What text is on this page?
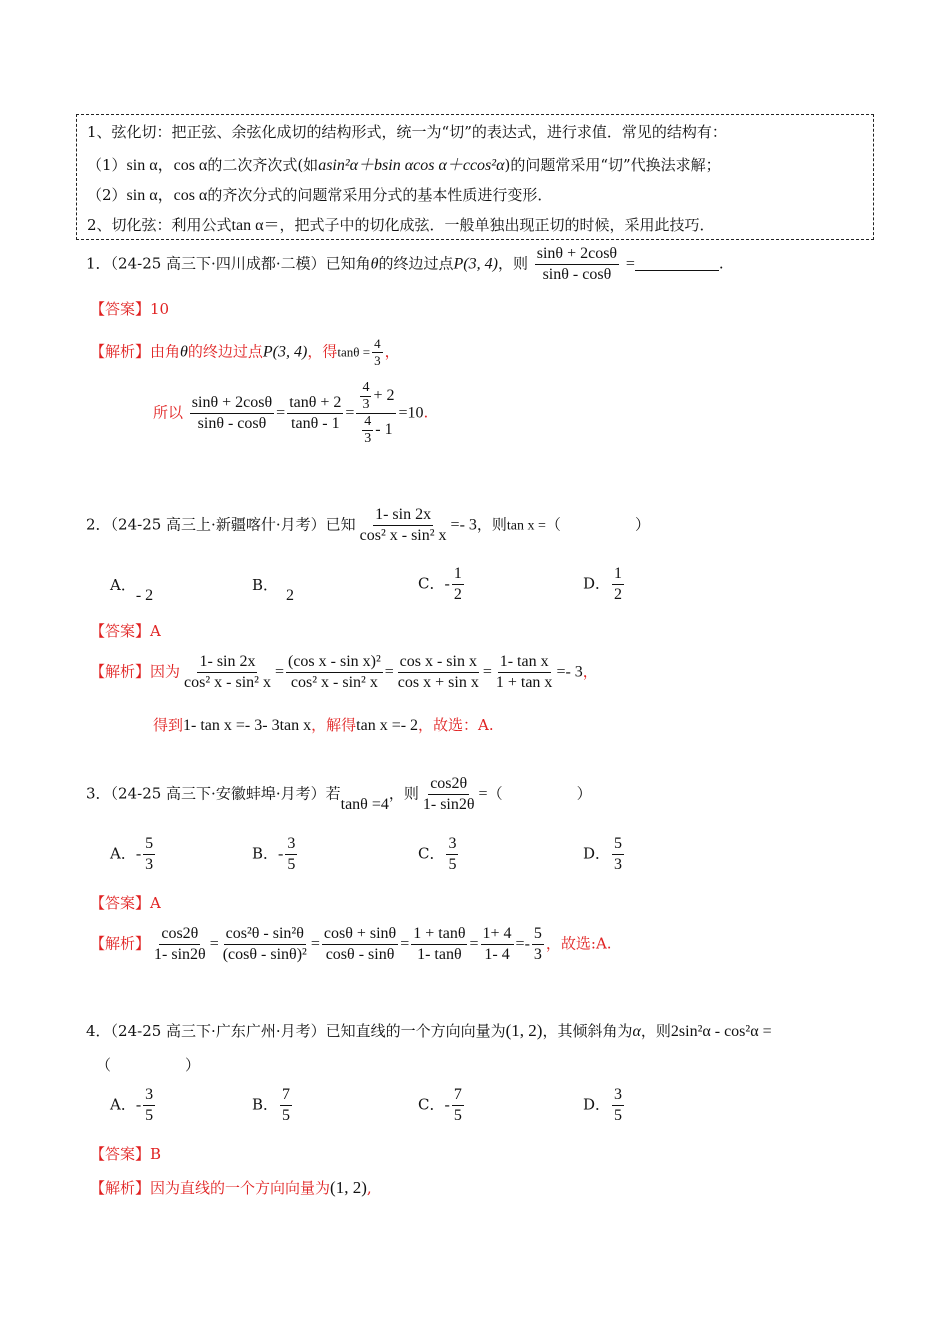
1、弦化切：把正弦、余弦化成切的结构形式，统一为“切”的表达式，进行求值．常见的结构有：
（1）sin α，cos α的二次齐次式(如asin²α＋bsin αcos α＋ccos²α)的问题常采用“切”代换法求解；
（2）sin α，cos α的齐次分式的问题常采用分式的基本性质进行变形．
2、切化弦：利用公式tan α＝，把式子中的切化成弦．一般单独出现正切的时候，采用此技巧．
1．（24-25 高三下·四川成都·二模）已知角θ的终边过点P(3, 4)，则 $\frac{\sin\theta + 2\cos\theta}{\sin\theta - \cos\theta}$ =	.
【答案】10
【解析】由角θ的终边过点P(3, 4)，得$\tan\theta = \frac{4}{3}$ ，
所以 $\frac{\sin\theta + 2\cos\theta}{\sin\theta - \cos\theta} = \frac{\tan\theta + 2}{\tan\theta - 1} = \frac{\frac{4}{3} + 2}{\frac{4}{3} - 1} =10$.
2．（24-25 高三上·新疆喀什·月考）已知 $\frac{1- \sin 2x}{\text{cos² x - sin² x}} =- 3$，则tan x =（	）
A．- 2
B．2
C．- $\frac{1}{2}$	D． $\frac{1}{2}$
【答案】A
【解析】因为 $\frac{1- \sin 2x}{\text{cos² x - sin² x}} = \frac{\text{(cos x - sin x)²}}{\text{cos² x - sin² x}} = \frac{\text{cos x - sin x}}{\text{cos x + sin x}} = \frac{\text{1- tan x}}{\text{1 + tan x}} =- 3$，
得到1- tan x =- 3- 3tan x，解得tan x =- 2，故选：A.
3．（24-25 高三下·安徽蚌埠·月考）若tanθ =4，则 $\frac{\cos 2\theta}{1- \sin 2\theta}$ =（	）
A．- $\frac{5}{3}$	B．- $\frac{3}{5}$	C． $\frac{3}{5}$	D． $\frac{5}{3}$
【答案】A
【解析】 $\frac{\cos 2\theta}{1- \sin 2\theta} = \frac{\text{cos²θ - sin²θ}}{\text{(cosθ - sinθ)²}} = \frac{\cos\theta + \sin\theta}{\cos\theta - \sin\theta} = \frac{1 + \tan\theta}{1- \tan\theta} = \frac{1+ 4}{1- 4} =- \frac{5}{3}$ ，故选:A.
4．（24-25 高三下·广东广州·月考）已知直线的一个方向向量为(1, 2)，其倾斜角为α，则2sin²α - cos²α =
（	）
A．- $\frac{3}{5}$	B． $\frac{7}{5}$	C．- $\frac{7}{5}$	D． $\frac{3}{5}$
【答案】B
【解析】因为直线的一个方向向量为(1, 2),
